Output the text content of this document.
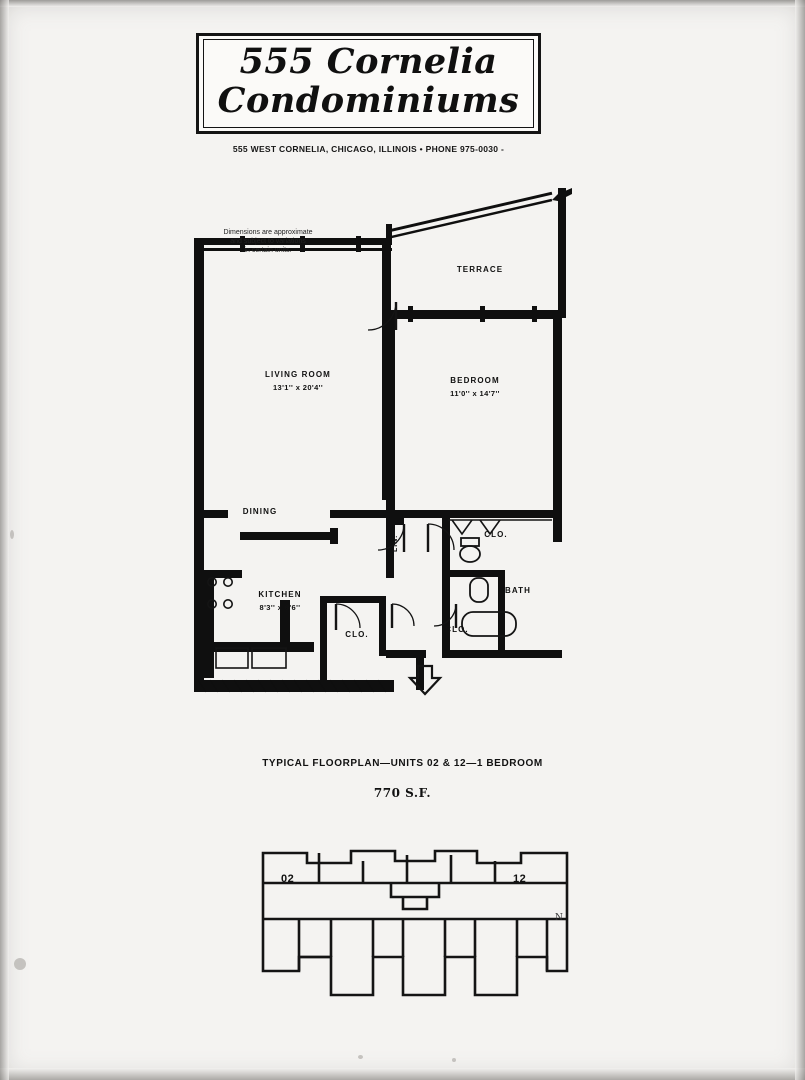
555 Cornelia
Condominiums
555 WEST CORNELIA, CHICAGO, ILLINOIS • PHONE 975-0030 -
Dimensions are approximate
and subject to variations
in certain units.
TERRACE
LIVING ROOM
13'1'' x 20'4''
BEDROOM
11'0'' x 14'7''
DINING
KITCHEN
8'3'' x 8'6''
CLO.
CLO.
CLO.
BATH
LIN.
TYPICAL FLOORPLAN—UNITS 02 & 12—1 BEDROOM
770 S.F.
02	12
N
